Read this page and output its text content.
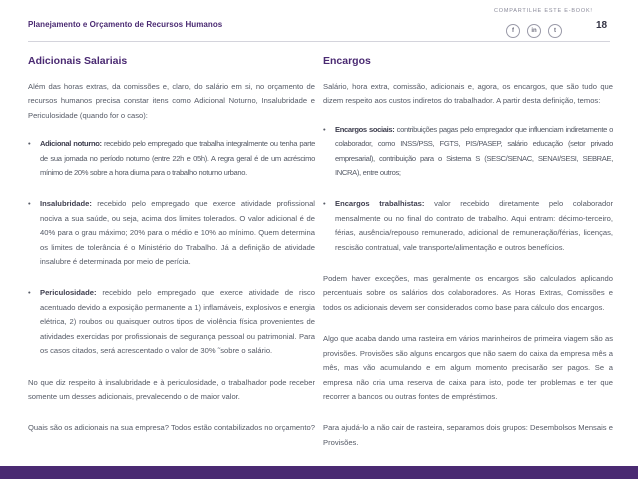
Planejamento e Orçamento de Recursos Humanos
COMPARTILHE ESTE E-BOOK!
f	in	t	18
Adicionais Salariais

Além das horas extras, da comissões e, claro, do salário em si, no orçamento de recursos humanos precisa constar itens como Adicional Noturno, Insalubridade e Periculosidade (quando for o caso):

• Adicional noturno: recebido pelo empregado que trabalha integralmente ou tenha parte de sua jornada no período noturno (entre 22h e 05h). A regra geral é de um acréscimo mínimo de 20% sobre a hora diurna para o trabalho noturno urbano.
• Insalubridade: recebido pelo empregado que exerce atividade profissional nociva a sua saúde, ou seja, acima dos limites tolerados. O valor adicional é de 40% para o grau máximo; 20% para o médio e 10% ao mínimo. Quem determina os limites de tolerância é o Ministério do Trabalho. Já a definição de atividade insalubre é determinada por meio de perícia.
• Periculosidade: recebido pelo empregado que exerce atividade de risco acentuado devido a exposição permanente a 1) inflamáveis, explosivos e energia elétrica, 2) roubos ou quaisquer outros tipos de violência física provenientes de atividades exercidas por profissionais de segurança pessoal ou patrimonial. Para os casos citados, será acrescentado o valor de 30% ˜sobre o salário.

No que diz respeito à insalubridade e à periculosidade, o trabalhador pode receber somente um desses adicionais, prevalecendo o de maior valor.

Quais são os adicionais na sua empresa? Todos estão contabilizados no orçamento?

Encargos

Salário, hora extra, comissão, adicionais e, agora, os encargos, que são tudo que dizem respeito aos custos indiretos do trabalhador. A partir desta definição, temos:

• Encargos sociais: contribuições pagas pelo empregador que influenciam indiretamente o colaborador, como INSS/PSS, FGTS, PIS/PASEP, salário educação (setor privado empresarial), contribuição para o Sistema S (SESC/SENAC, SENAI/SESI, SEBRAE, INCRA), entre outros;
• Encargos trabalhistas: valor recebido diretamente pelo colaborador mensalmente ou no final do contrato de trabalho. Aqui entram: décimo-terceiro, férias, ausência/repouso remunerado, adicional de remuneração/férias, licenças, rescisão contratual, vale transporte/alimentação e outros benefícios.

Podem haver exceções, mas geralmente os encargos são calculados aplicando percentuais sobre os salários dos colaboradores. As Horas Extras, Comissões e todos os adicionais devem ser considerados como base para cálculo dos encargos.

Algo que acaba dando uma rasteira em vários marinheiros de primeira viagem são as provisões. Provisões são alguns encargos que não saem do caixa da empresa mês a mês, mas vão acumulando e em algum momento precisarão ser pagos. Se a empresa não cria uma reserva de caixa para isto, pode ter problemas e ter que recorrer a bancos ou outras fontes de empréstimos.

Para ajudá-lo a não cair de rasteira, separamos dois grupos: Desembolsos Mensais e Provisões.
